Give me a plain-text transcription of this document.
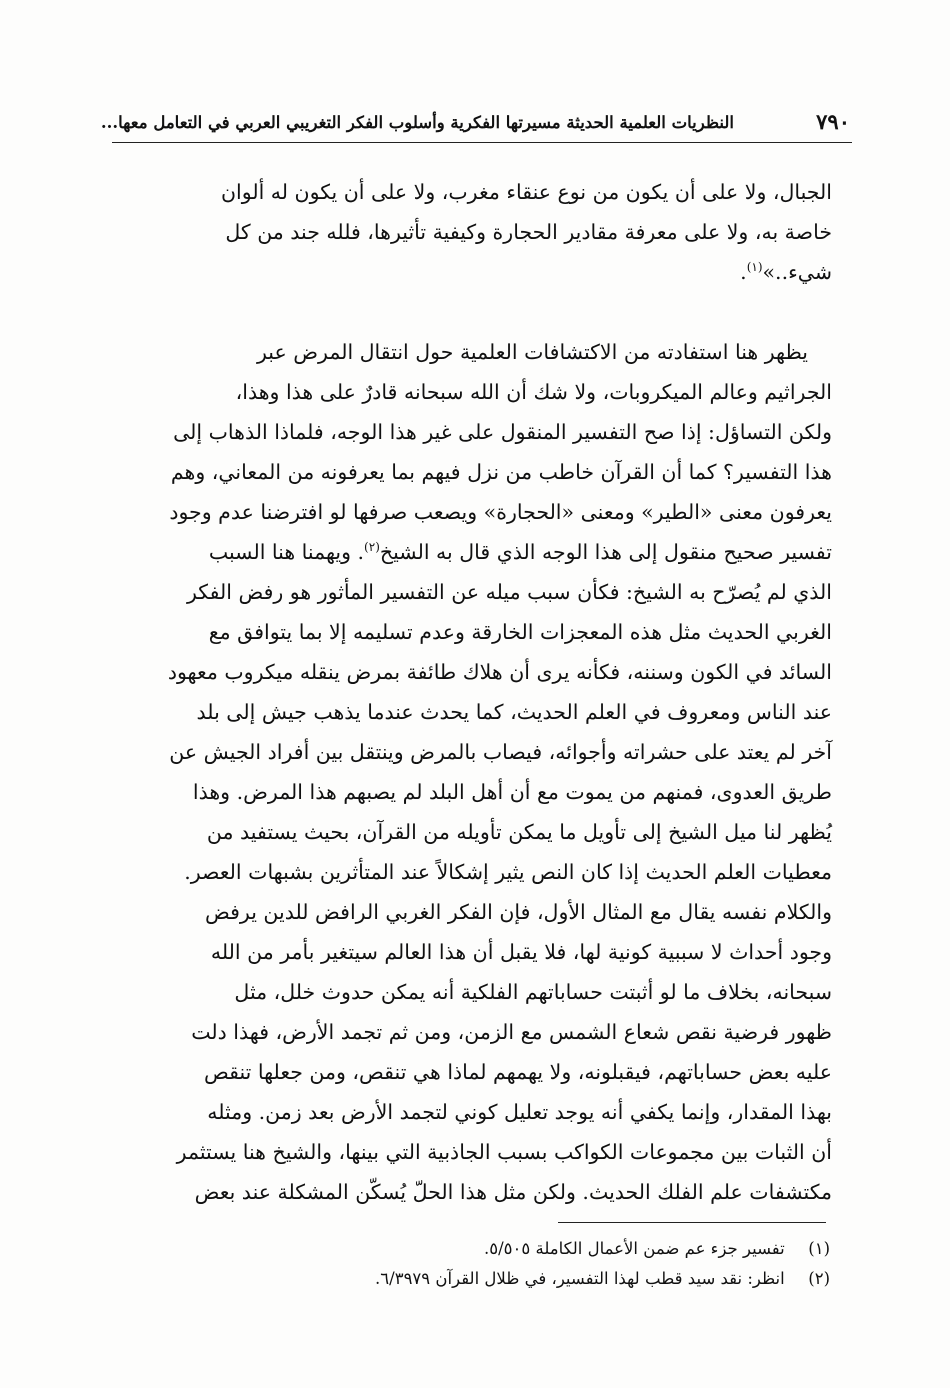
٧٩٠
النظريات العلمية الحديثة مسيرتها الفكرية وأسلوب الفكر التغريبي العربي في التعامل معها...
الجبال، ولا على أن يكون من نوع عنقاء مغرب، ولا على أن يكون له ألوان
خاصة به، ولا على معرفة مقادير الحجارة وكيفية تأثيرها، فلله جند من كل
شيء..»$^{(١)}$.
يظهر هنا استفادته من الاكتشافات العلمية حول انتقال المرض عبر
الجراثيم وعالم الميكروبات، ولا شك أن الله سبحانه قادرٌ على هذا وهذا،
ولكن التساؤل: إذا صح التفسير المنقول على غير هذا الوجه، فلماذا الذهاب إلى
هذا التفسير؟ كما أن القرآن خاطب من نزل فيهم بما يعرفونه من المعاني، وهم
يعرفون معنى «الطير» ومعنى «الحجارة» ويصعب صرفها لو افترضنا عدم وجود
تفسير صحيح منقول إلى هذا الوجه الذي قال به الشيخ$^{(٢)}$. ويهمنا هنا السبب
الذي لم يُصرّح به الشيخ: فكأن سبب ميله عن التفسير المأثور هو رفض الفكر
الغربي الحديث مثل هذه المعجزات الخارقة وعدم تسليمه إلا بما يتوافق مع
السائد في الكون وسننه، فكأنه يرى أن هلاك طائفة بمرض ينقله ميكروب معهود
عند الناس ومعروف في العلم الحديث، كما يحدث عندما يذهب جيش إلى بلد
آخر لم يعتد على حشراته وأجوائه، فيصاب بالمرض وينتقل بين أفراد الجيش عن
طريق العدوى، فمنهم من يموت مع أن أهل البلد لم يصبهم هذا المرض. وهذا
يُظهر لنا ميل الشيخ إلى تأويل ما يمكن تأويله من القرآن، بحيث يستفيد من
معطيات العلم الحديث إذا كان النص يثير إشكالاً عند المتأثرين بشبهات العصر.
والكلام نفسه يقال مع المثال الأول، فإن الفكر الغربي الرافض للدين يرفض
وجود أحداث لا سببية كونية لها، فلا يقبل أن هذا العالم سيتغير بأمر من الله
سبحانه، بخلاف ما لو أثبتت حساباتهم الفلكية أنه يمكن حدوث خلل، مثل
ظهور فرضية نقص شعاع الشمس مع الزمن، ومن ثم تجمد الأرض، فهذا دلت
عليه بعض حساباتهم، فيقبلونه، ولا يهمهم لماذا هي تنقص، ومن جعلها تنقص
بهذا المقدار، وإنما يكفي أنه يوجد تعليل كوني لتجمد الأرض بعد زمن. ومثله
أن الثبات بين مجموعات الكواكب بسبب الجاذبية التي بينها، والشيخ هنا يستثمر
مكتشفات علم الفلك الحديث. ولكن مثل هذا الحلّ يُسكّن المشكلة عند بعض
(١) تفسير جزء عم ضمن الأعمال الكاملة ٥/٥٠٥.
(٢) انظر: نقد سيد قطب لهذا التفسير، في ظلال القرآن ٦/٣٩٧٩.
